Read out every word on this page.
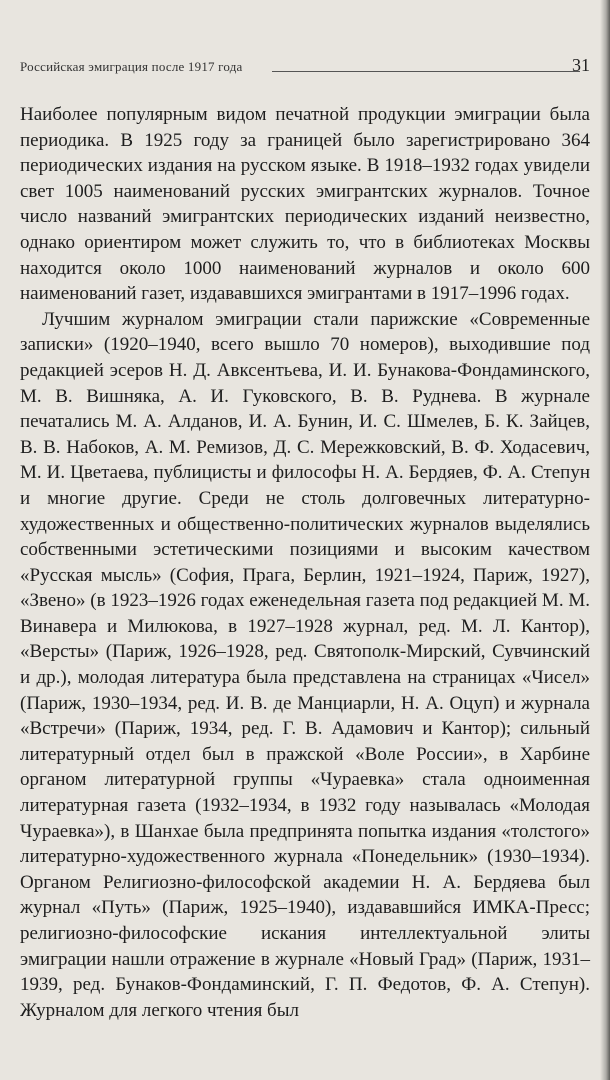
Российская эмиграция после 1917 года	31

Наиболее популярным видом печатной продукции эмиграции была периодика. В 1925 году за границей было зарегистрировано 364 периодических издания на русском языке. В 1918–1932 годах увидели свет 1005 наименований русских эмигрантских журналов. Точное число названий эмигрантских периодических изданий неизвестно, однако ориентиром может служить то, что в библиотеках Москвы находится около 1000 наименований журналов и около 600 наименований газет, издававшихся эмигрантами в 1917–1996 годах.

Лучшим журналом эмиграции стали парижские «Современные записки» (1920–1940, всего вышло 70 номеров), выходившие под редакцией эсеров Н. Д. Авксентьева, И. И. Бунакова-Фондаминского, М. В. Вишняка, А. И. Гуковского, В. В. Руднева. В журнале печатались М. А. Алданов, И. А. Бунин, И. С. Шмелев, Б. К. Зайцев, В. В. Набоков, А. М. Ремизов, Д. С. Мережковский, В. Ф. Ходасевич, М. И. Цветаева, публицисты и философы Н. А. Бердяев, Ф. А. Степун и многие другие. Среди не столь долговечных литературно-художественных и общественно-политических журналов выделялись собственными эстетическими позициями и высоким качеством «Русская мысль» (София, Прага, Берлин, 1921–1924, Париж, 1927), «Звено» (в 1923–1926 годах еженедельная газета под редакцией М. М. Винавера и Милюкова, в 1927–1928 журнал, ред. М. Л. Кантор), «Версты» (Париж, 1926–1928, ред. Святополк-Мирский, Сувчинский и др.), молодая литература была представлена на страницах «Чисел» (Париж, 1930–1934, ред. И. В. де Манциарли, Н. А. Оцуп) и журнала «Встречи» (Париж, 1934, ред. Г. В. Адамович и Кантор); сильный литературный отдел был в пражской «Воле России», в Харбине органом литературной группы «Чураевка» стала одноименная литературная газета (1932–1934, в 1932 году называлась «Молодая Чураевка»), в Шанхае была предпринята попытка издания «толстого» литературно-художественного журнала «Понедельник» (1930–1934). Органом Религиозно-философской академии Н. А. Бердяева был журнал «Путь» (Париж, 1925–1940), издававшийся ИМКА-Пресс; религиозно-философские искания интеллектуальной элиты эмиграции нашли отражение в журнале «Новый Град» (Париж, 1931–1939, ред. Бунаков-Фондаминский, Г. П. Федотов, Ф. А. Степун). Журналом для легкого чтения был
